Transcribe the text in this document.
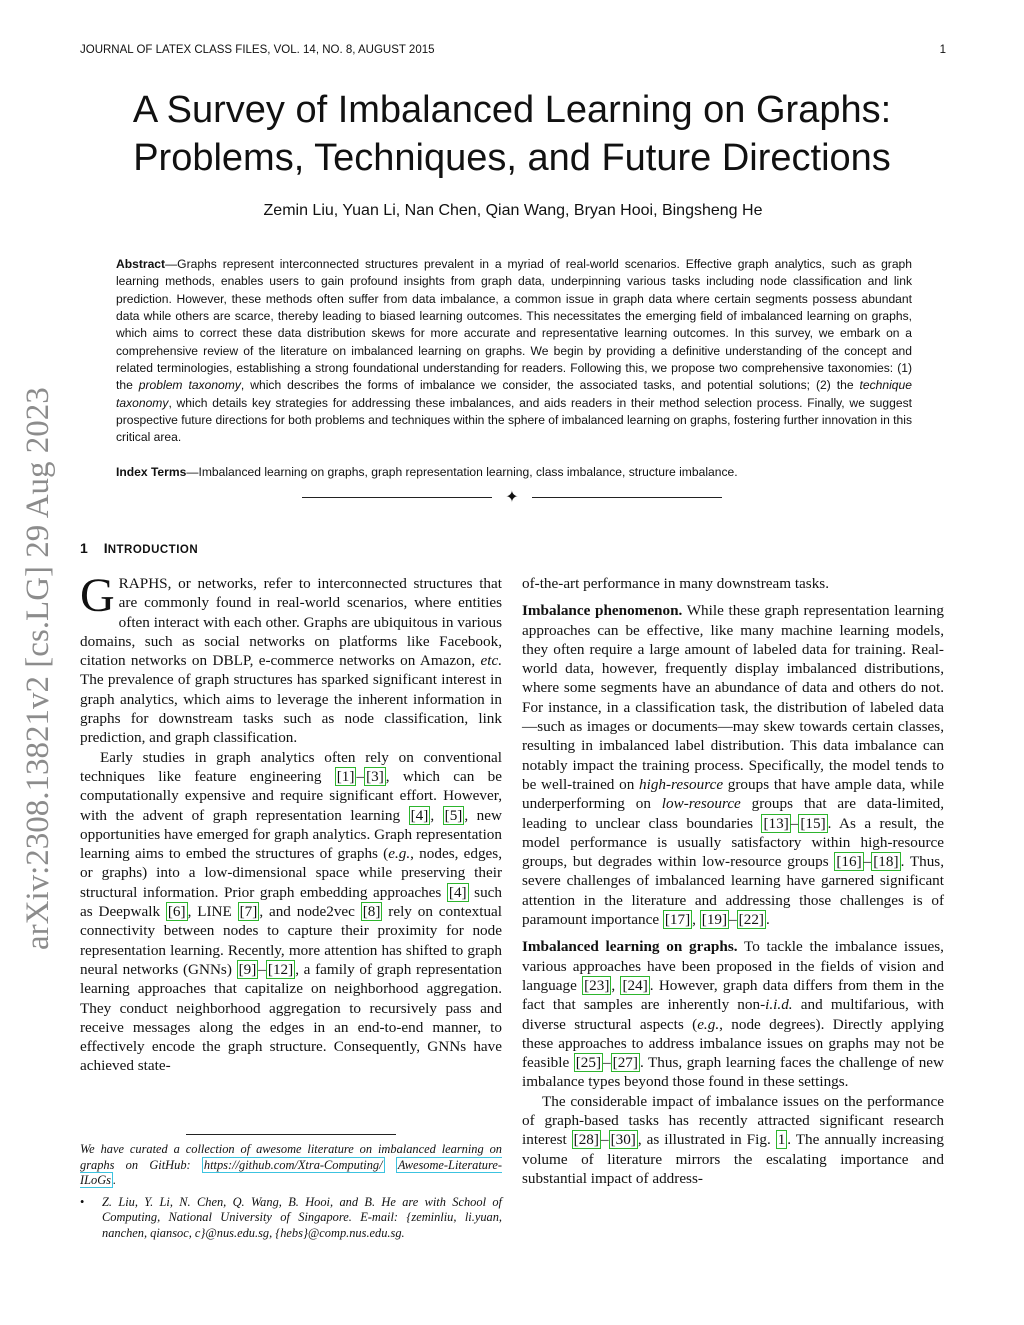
JOURNAL OF LATEX CLASS FILES, VOL. 14, NO. 8, AUGUST 2015	1
arXiv:2308.13821v2 [cs.LG] 29 Aug 2023
A Survey of Imbalanced Learning on Graphs:
Problems, Techniques, and Future Directions
Zemin Liu, Yuan Li, Nan Chen, Qian Wang, Bryan Hooi, Bingsheng He
Abstract—Graphs represent interconnected structures prevalent in a myriad of real-world scenarios. Effective graph analytics, such as graph learning methods, enables users to gain profound insights from graph data, underpinning various tasks including node classification and link prediction. However, these methods often suffer from data imbalance, a common issue in graph data where certain segments possess abundant data while others are scarce, thereby leading to biased learning outcomes. This necessitates the emerging field of imbalanced learning on graphs, which aims to correct these data distribution skews for more accurate and representative learning outcomes. In this survey, we embark on a comprehensive review of the literature on imbalanced learning on graphs. We begin by providing a definitive understanding of the concept and related terminologies, establishing a strong foundational understanding for readers. Following this, we propose two comprehensive taxonomies: (1) the problem taxonomy, which describes the forms of imbalance we consider, the associated tasks, and potential solutions; (2) the technique taxonomy, which details key strategies for addressing these imbalances, and aids readers in their method selection process. Finally, we suggest prospective future directions for both problems and techniques within the sphere of imbalanced learning on graphs, fostering further innovation in this critical area.
Index Terms—Imbalanced learning on graphs, graph representation learning, class imbalance, structure imbalance.
✦
1 INTRODUCTION

GRAPHS, or networks, refer to interconnected structures that are commonly found in real-world scenarios, where entities often interact with each other. Graphs are ubiquitous in various domains, such as social networks on platforms like Facebook, citation networks on DBLP, e-commerce networks on Amazon, etc. The prevalence of graph structures has sparked significant interest in graph analytics, which aims to leverage the inherent information in graphs for downstream tasks such as node classification, link prediction, and graph classification.

Early studies in graph analytics often rely on conventional techniques like feature engineering [1] – [3] , which can be computationally expensive and require significant effort. However, with the advent of graph representation learning [4] , [5] , new opportunities have emerged for graph analytics. Graph representation learning aims to embed the structures of graphs (e.g., nodes, edges, or graphs) into a low-dimensional space while preserving their structural information. Prior graph embedding approaches [4] such as Deepwalk [6] , LINE [7] , and node2vec [8] rely on contextual connectivity between nodes to capture their proximity for node representation learning. Recently, more attention has shifted to graph neural networks (GNNs) [9] – [12] , a family of graph representation learning approaches that capitalize on neighborhood aggregation. They conduct neighborhood aggregation to recursively pass and receive messages along the edges in an end-to-end manner, to effectively encode the graph structure. Consequently, GNNs have achieved state-

of-the-art performance in many downstream tasks.

Imbalance phenomenon. While these graph representation learning approaches can be effective, like many machine learning models, they often require a large amount of labeled data for training. Real-world data, however, frequently display imbalanced distributions, where some segments have an abundance of data and others do not. For instance, in a classification task, the distribution of labeled data—such as images or documents—may skew towards certain classes, resulting in imbalanced label distribution. This data imbalance can notably impact the training process. Specifically, the model tends to be well-trained on high-resource groups that have ample data, while underperforming on low-resource groups that are data-limited, leading to unclear class boundaries [13] – [15] . As a result, the model performance is usually satisfactory within high-resource groups, but degrades within low-resource groups [16] – [18] . Thus, severe challenges of imbalanced learning have garnered significant attention in the literature and addressing those challenges is of paramount importance [17] , [19] – [22] .

Imbalanced learning on graphs. To tackle the imbalance issues, various approaches have been proposed in the fields of vision and language [23] , [24] . However, graph data differs from them in the fact that samples are inherently non-i.i.d. and multifarious, with diverse structural aspects (e.g., node degrees). Directly applying these approaches to address imbalance issues on graphs may not be feasible [25] – [27] . Thus, graph learning faces the challenge of new imbalance types beyond those found in these settings.

The considerable impact of imbalance issues on the performance of graph-based tasks has recently attracted significant research interest [28] – [30] , as illustrated in Fig. 1 . The annually increasing volume of literature mirrors the escalating importance and substantial impact of address-

We have curated a collection of awesome literature on imbalanced learning on graphs on GitHub: https://github.com/Xtra-Computing/ Awesome-Literature-ILoGs .

• Z. Liu, Y. Li, N. Chen, Q. Wang, B. Hooi, and B. He are with School of Computing, National University of Singapore. E-mail: {zeminliu, li.yuan, nanchen, qiansoc, c}@nus.edu.sg, {hebs}@comp.nus.edu.sg.
